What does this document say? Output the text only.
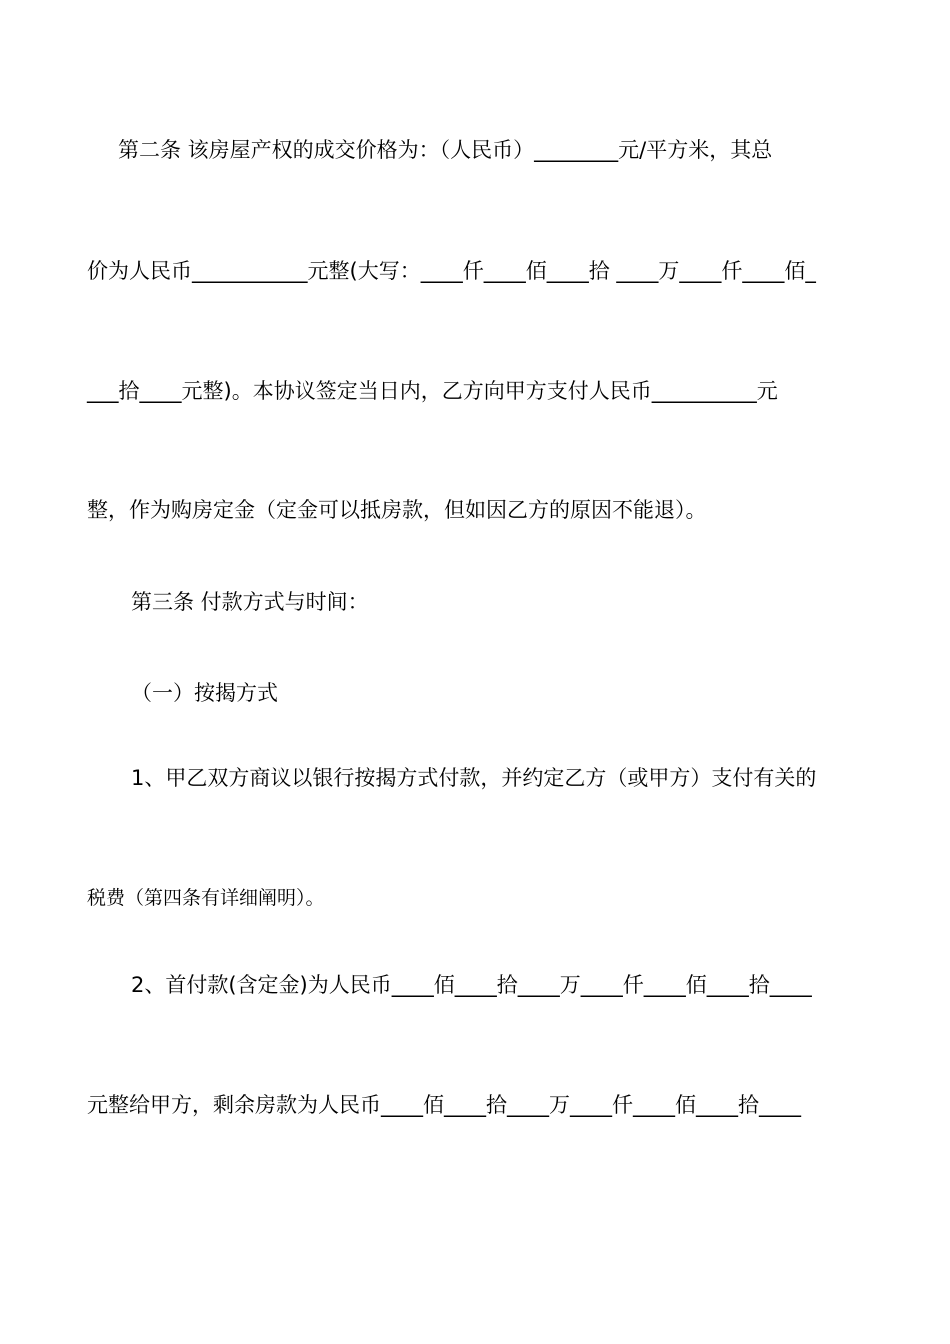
第二条 该房屋产权的成交价格为：（人民币）________元/平方米，其总
价为人民币___________元整(大写：____仟____佰____拾 ____万____仟____佰_
___拾____元整)。本协议签定当日内，乙方向甲方支付人民币__________元
整，作为购房定金（定金可以抵房款，但如因乙方的原因不能退）。
第三条 付款方式与时间：
（一）按揭方式
1、甲乙双方商议以银行按揭方式付款，并约定乙方（或甲方）支付有关的
税费（第四条有详细阐明）。
2、首付款(含定金)为人民币____佰____拾____万____仟____佰____拾____
元整给甲方，剩余房款为人民币____佰____拾____万____仟____佰____拾____
